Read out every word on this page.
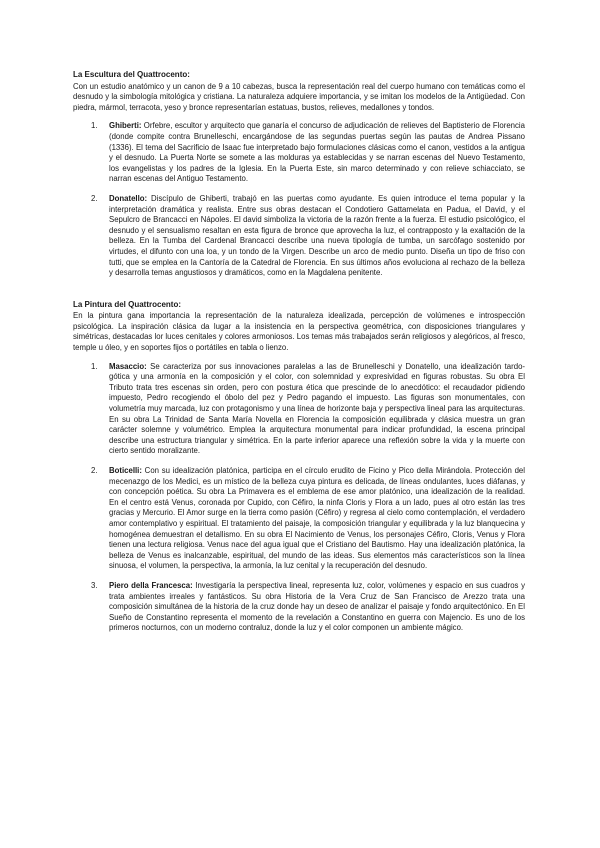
La Escultura del Quattrocento:

Con un estudio anatómico y un canon de 9 a 10 cabezas, busca la representación real del cuerpo humano con temáticas como el desnudo y la simbología mitológica y cristiana. La naturaleza adquiere importancia, y se imitan los modelos de la Antigüedad. Con piedra, mármol, terracota, yeso y bronce representarían estatuas, bustos, relieves, medallones y tondos.

1.	Ghiberti: Orfebre, escultor y arquitecto que ganaría el concurso de adjudicación de relieves del Baptisterio de Florencia (donde compite contra Brunelleschi, encargándose de las segundas puertas según las pautas de Andrea Pissano (1336). El tema del Sacrificio de Isaac fue interpretado bajo formulaciones clásicas como el canon, vestidos a la antigua y el desnudo. La Puerta Norte se somete a las molduras ya establecidas y se narran escenas del Nuevo Testamento, los evangelistas y los padres de la Iglesia. En la Puerta Este, sin marco determinado y con relieve schiacciato, se narran escenas del Antiguo Testamento.
2.	Donatello: Discípulo de Ghiberti, trabajó en las puertas como ayudante. Es quien introduce el tema popular y la interpretación dramática y realista. Entre sus obras destacan el Condotiero Gattamelata en Padua, el David, y el Sepulcro de Brancacci en Nápoles. El david simboliza la victoria de la razón frente a la fuerza. El estudio psicológico, el desnudo y el sensualismo resaltan en esta figura de bronce que aprovecha la luz, el contrapposto y la exaltación de la belleza. En la Tumba del Cardenal Brancacci describe una nueva tipología de tumba, un sarcófago sostenido por virtudes, el difunto con una loa, y un tondo de la Virgen. Describe un arco de medio punto. Diseña un tipo de friso con tutti, que se emplea en la Cantoría de la Catedral de Florencia. En sus últimos años evoluciona al rechazo de la belleza y desarrolla temas angustiosos y dramáticos, como en la Magdalena penitente.
La Pintura del Quattrocento:

En la pintura gana importancia la representación de la naturaleza idealizada, percepción de volúmenes e introspección psicológica. La inspiración clásica da lugar a la insistencia en la perspectiva geométrica, con disposiciones triangulares y simétricas, destacadas lor luces cenitales y colores armoniosos. Los temas más trabajados serán religiosos y alegóricos, al fresco, temple u óleo, y en soportes fijos o portátiles en tabla o lienzo.

1.	Masaccio: Se caracteriza por sus innovaciones paralelas a las de Brunelleschi y Donatello, una idealización tardo-gótica y una armonía en la composición y el color, con solemnidad y expresividad en figuras robustas. Su obra El Tributo trata tres escenas sin orden, pero con postura ética que prescinde de lo anecdótico: el recaudador pidiendo impuesto, Pedro recogiendo el óbolo del pez y Pedro pagando el impuesto. Las figuras son monumentales, con volumetría muy marcada, luz con protagonismo y una línea de horizonte baja y perspectiva lineal para las arquitecturas. En su obra La Trinidad de Santa María Novella en Florencia la composición equilibrada y clásica muestra un gran carácter solemne y volumétrico. Emplea la arquitectura monumental para indicar profundidad, la escena principal describe una estructura triangular y simétrica. En la parte inferior aparece una reflexión sobre la vida y la muerte con cierto sentido moralizante.
2.	Boticelli: Con su idealización platónica, participa en el círculo erudito de Ficino y Pico della Mirándola. Protección del mecenazgo de los Medici, es un místico de la belleza cuya pintura es delicada, de líneas ondulantes, luces diáfanas, y con concepción poética. Su obra La Primavera es el emblema de ese amor platónico, una idealización de la realidad. En el centro está Venus, coronada por Cupido, con Céfiro, la ninfa Cloris y Flora a un lado, pues al otro están las tres gracias y Mercurio. El Amor surge en la tierra como pasión (Céfiro) y regresa al cielo como contemplación, el verdadero amor contemplativo y espiritual. El tratamiento del paisaje, la composición triangular y equilibrada y la luz blanquecina y homogénea demuestran el detallismo. En su obra El Nacimiento de Venus, los personajes Céfiro, Cloris, Venus y Flora tienen una lectura religiosa. Venus nace del agua igual que el Cristiano del Bautismo. Hay una idealización platónica, la belleza de Venus es inalcanzable, espiritual, del mundo de las ideas. Sus elementos más característicos son la línea sinuosa, el volumen, la perspectiva, la armonía, la luz cenital y la recuperación del desnudo.
3.	Piero della Francesca: Investigaría la perspectiva lineal, representa luz, color, volúmenes y espacio en sus cuadros y trata ambientes irreales y fantásticos. Su obra Historia de la Vera Cruz de San Francisco de Arezzo trata una composición simultánea de la historia de la cruz donde hay un deseo de analizar el paisaje y fondo arquitectónico. En El Sueño de Constantino representa el momento de la revelación a Constantino en guerra con Majencio. Es uno de los primeros nocturnos, con un moderno contraluz, donde la luz y el color componen un ambiente mágico.
